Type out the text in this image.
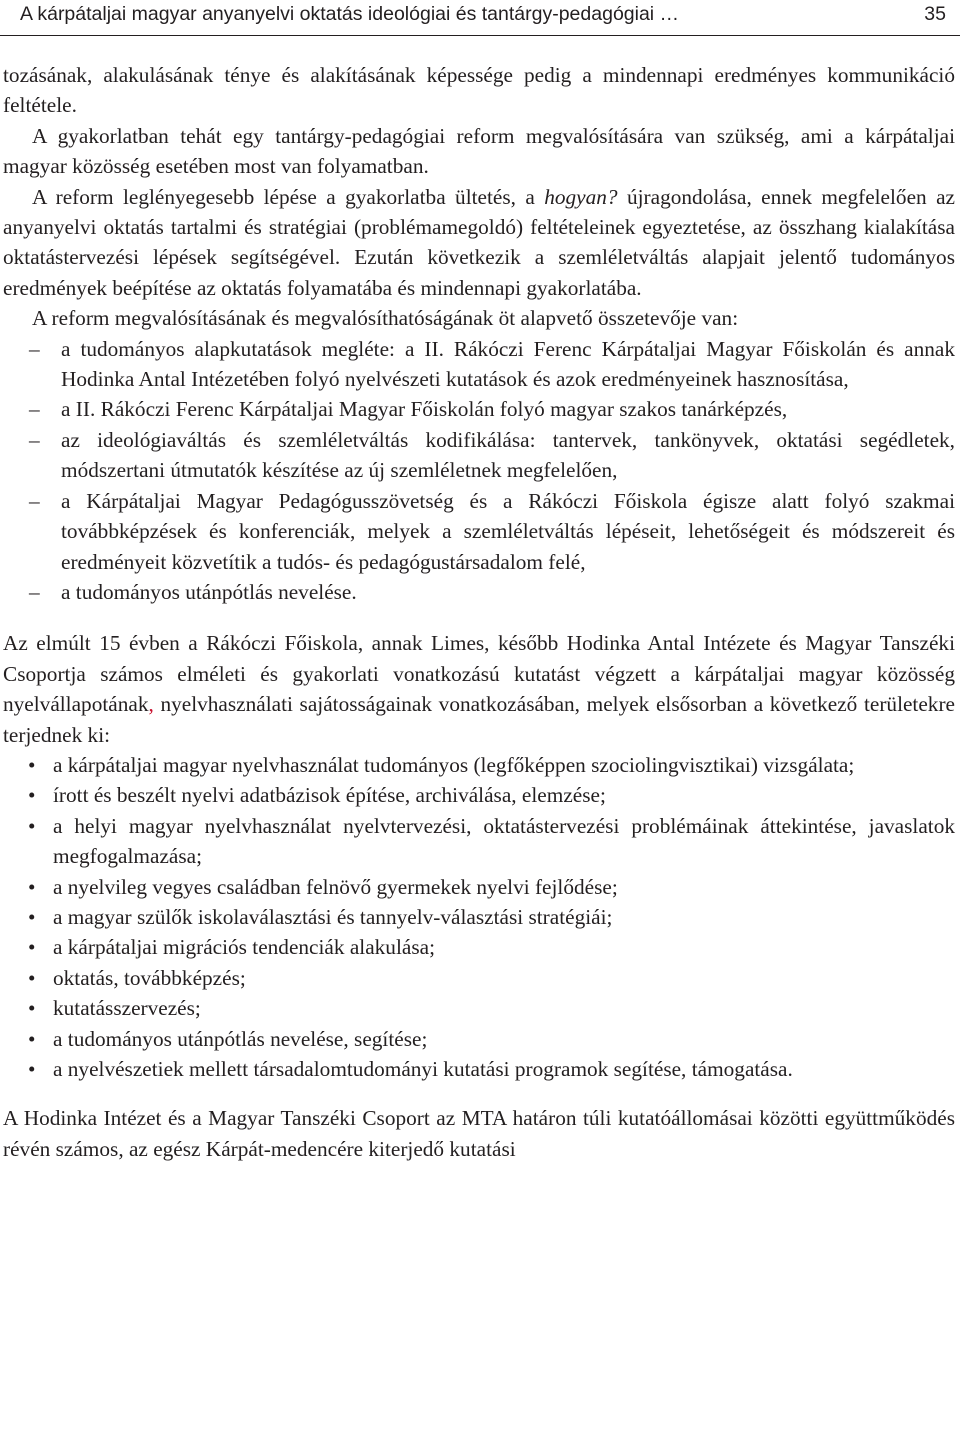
A kárpátaljai magyar anyanyelvi oktatás ideológiai és tantárgy-pedagógiai …	35

tozásának, alakulásának ténye és alakításának képessége pedig a mindennapi eredményes kommunikáció feltétele.

A gyakorlatban tehát egy tantárgy-pedagógiai reform megvalósítására van szükség, ami a kárpátaljai magyar közösség esetében most van folyamatban.

A reform leglényegesebb lépése a gyakorlatba ültetés, a hogyan? újragondolása, ennek megfelelően az anyanyelvi oktatás tartalmi és stratégiai (problémamegoldó) feltételeinek egyeztetése, az összhang kialakítása oktatástervezési lépések segítségével. Ezután következik a szemléletváltás alapjait jelentő tudományos eredmények beépítése az oktatás folyamatába és mindennapi gyakorlatába.

A reform megvalósításának és megvalósíthatóságának öt alapvető összetevője van:

– a tudományos alapkutatások megléte: a II. Rákóczi Ferenc Kárpátaljai Magyar Főiskolán és annak Hodinka Antal Intézetében folyó nyelvészeti kutatások és azok eredményeinek hasznosítása,
– a II. Rákóczi Ferenc Kárpátaljai Magyar Főiskolán folyó magyar szakos tanárképzés,
– az ideológiaváltás és szemléletváltás kodifikálása: tantervek, tankönyvek, oktatási segédletek, módszertani útmutatók készítése az új szemléletnek megfelelően,
– a Kárpátaljai Magyar Pedagógusszövetség és a Rákóczi Főiskola égisze alatt folyó szakmai továbbképzések és konferenciák, melyek a szemléletváltás lépéseit, lehetőségeit és módszereit és eredményeit közvetítik a tudós- és pedagógustársadalom felé,
– a tudományos utánpótlás nevelése.

Az elmúlt 15 évben a Rákóczi Főiskola, annak Limes, később Hodinka Antal Intézete és Magyar Tanszéki Csoportja számos elméleti és gyakorlati vonatkozású kutatást végzett a kárpátaljai magyar közösség nyelvállapotának, nyelvhasználati sajátosságainak vonatkozásában, melyek elsősorban a következő területekre terjednek ki:

• a kárpátaljai magyar nyelvhasználat tudományos (legfőképpen szociolingvisztikai) vizsgálata;
• írott és beszélt nyelvi adatbázisok építése, archiválása, elemzése;
• a helyi magyar nyelvhasználat nyelvtervezési, oktatástervezési problémáinak áttekintése, javaslatok megfogalmazása;
• a nyelvileg vegyes családban felnövő gyermekek nyelvi fejlődése;
• a magyar szülők iskolaválasztási és tannyelv-választási stratégiái;
• a kárpátaljai migrációs tendenciák alakulása;
• oktatás, továbbképzés;
• kutatásszervezés;
• a tudományos utánpótlás nevelése, segítése;
• a nyelvészetiek mellett társadalomtudományi kutatási programok segítése, támogatása.

A Hodinka Intézet és a Magyar Tanszéki Csoport az MTA határon túli kutatóállomásai közötti együttműködés révén számos, az egész Kárpát-medencére kiterjedő kutatási
